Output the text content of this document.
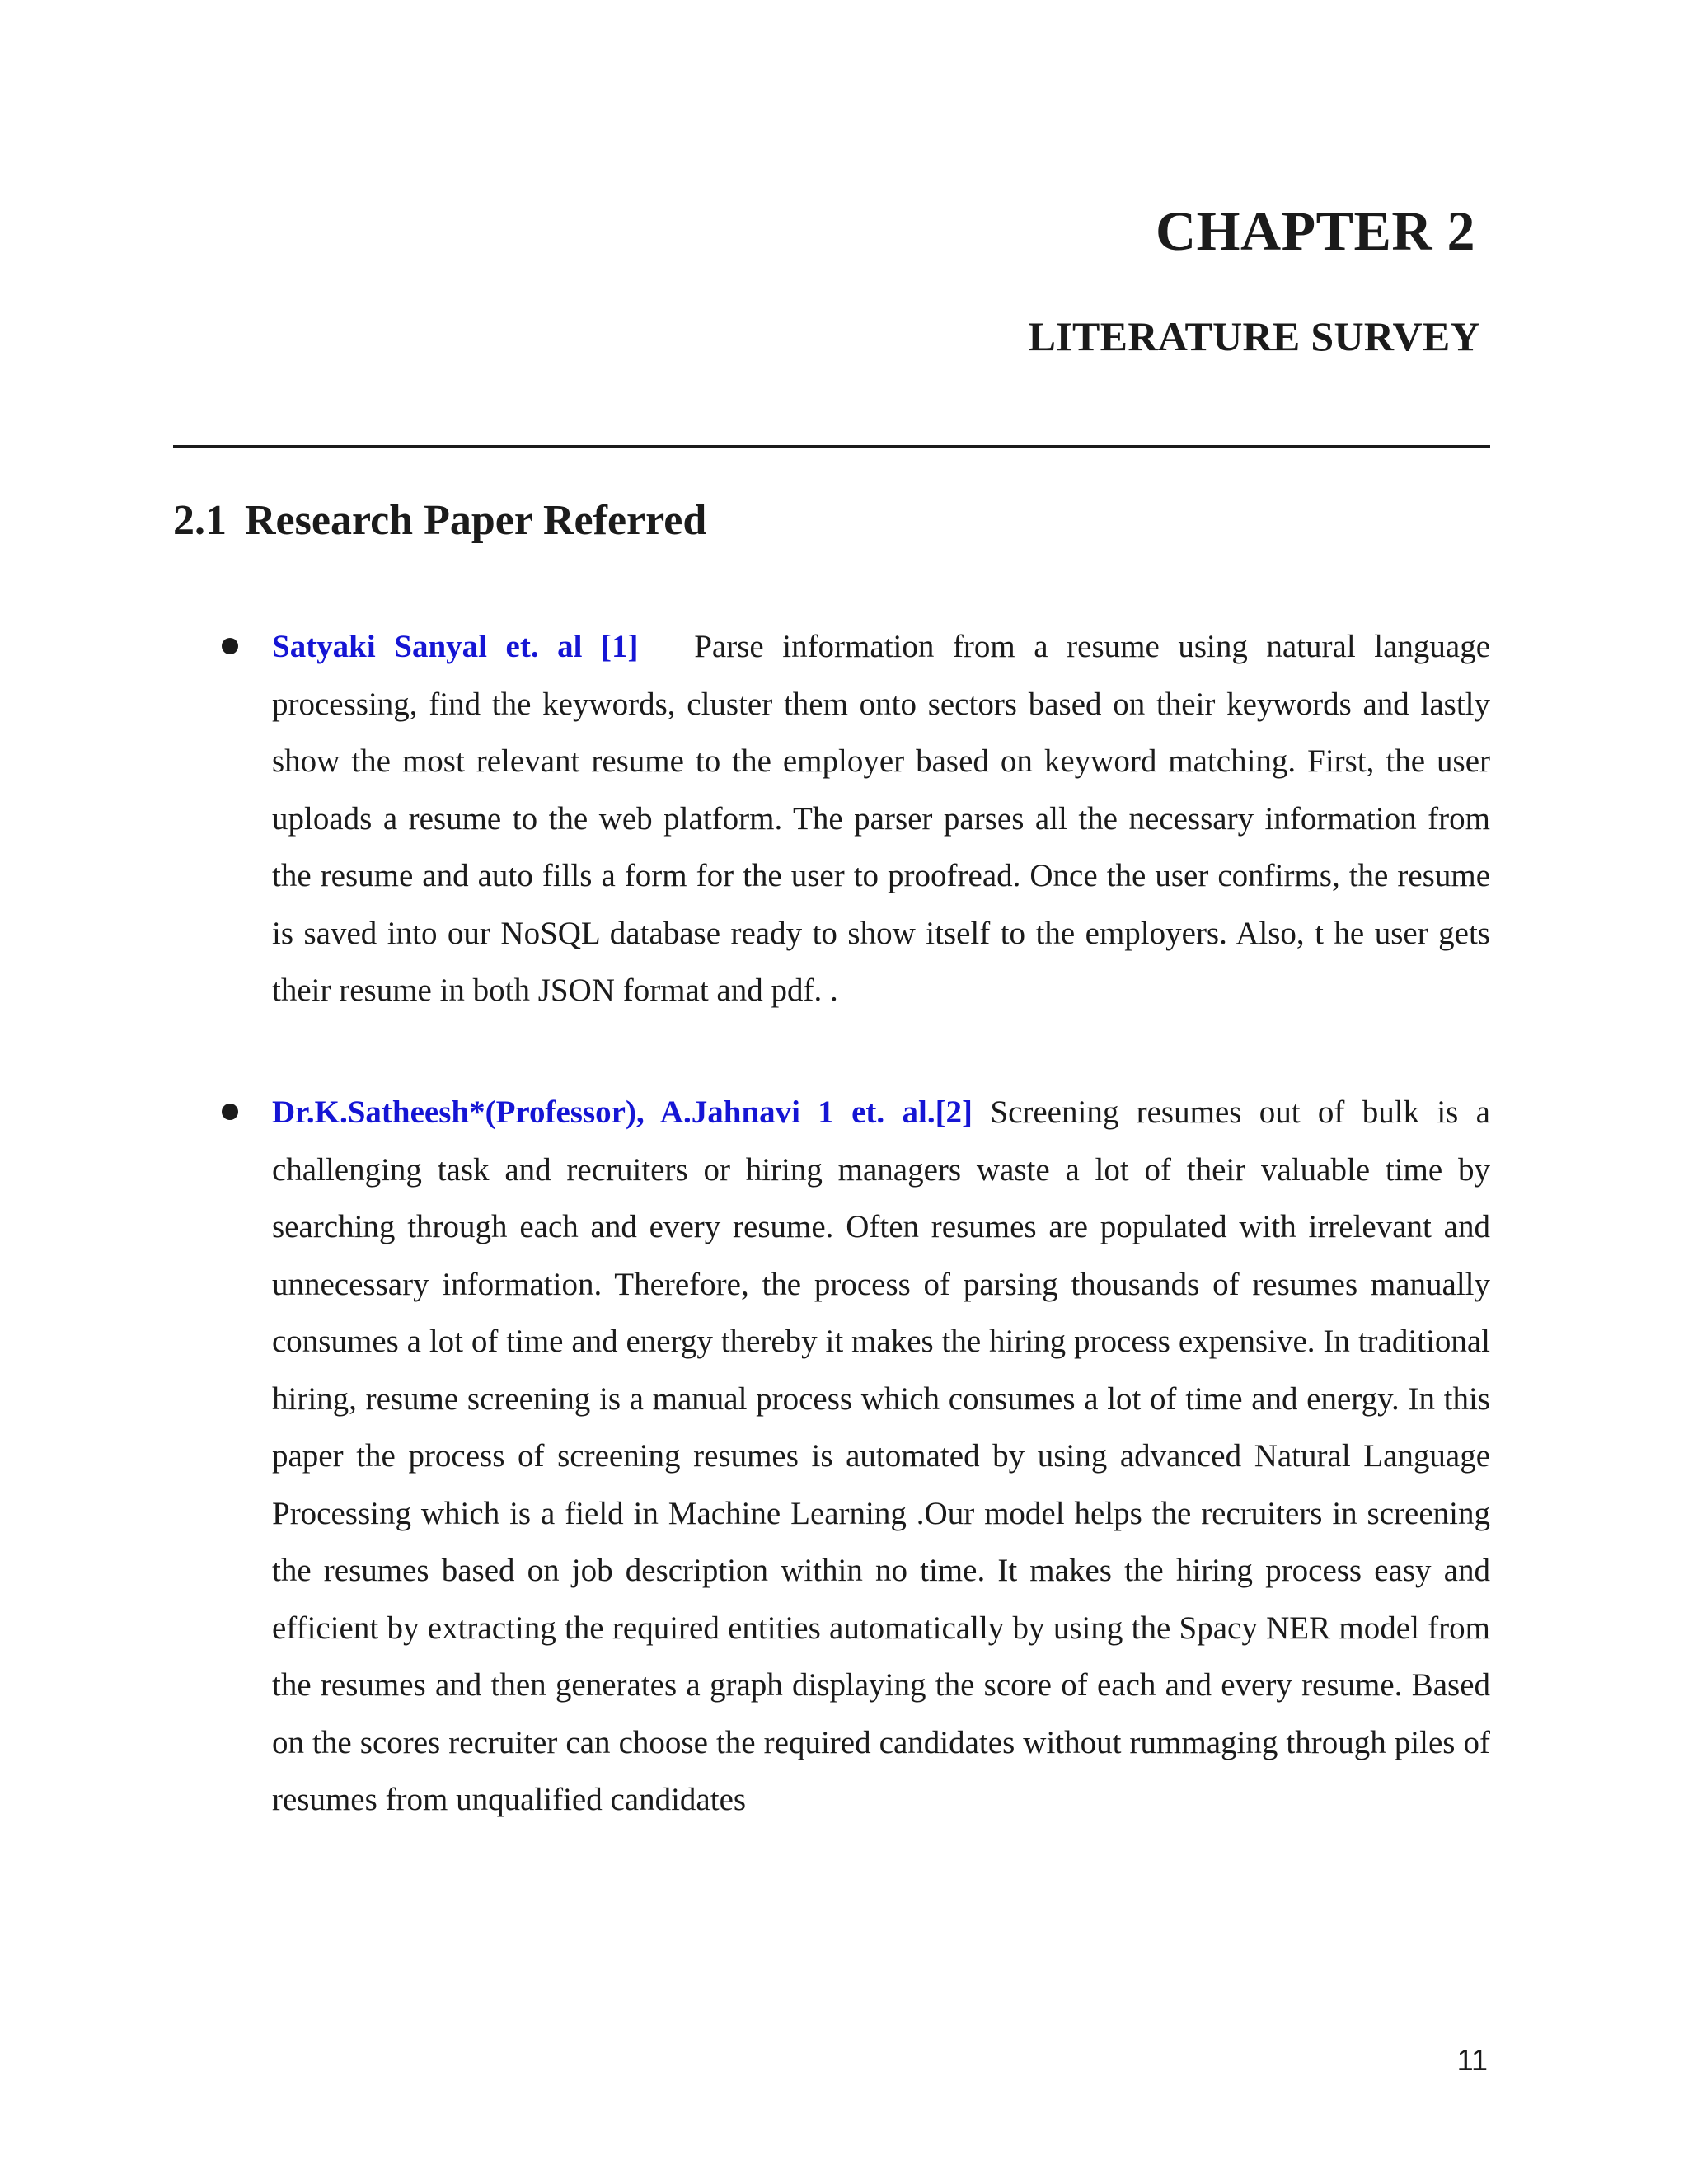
CHAPTER 2
LITERATURE SURVEY
2.1 Research Paper Referred
Satyaki Sanyal et. al [1] Parse information from a resume using natural language processing, find the keywords, cluster them onto sectors based on their keywords and lastly show the most relevant resume to the employer based on keyword matching. First, the user uploads a resume to the web platform. The parser parses all the necessary information from the resume and auto fills a form for the user to proofread. Once the user confirms, the resume is saved into our NoSQL database ready to show itself to the employers. Also, t he user gets their resume in both JSON format and pdf. .
Dr.K.Satheesh*(Professor), A.Jahnavi 1 et. al.[2] Screening resumes out of bulk is a challenging task and recruiters or hiring managers waste a lot of their valuable time by searching through each and every resume. Often resumes are populated with irrelevant and unnecessary information. Therefore, the process of parsing thousands of resumes manually consumes a lot of time and energy thereby it makes the hiring process expensive. In traditional hiring, resume screening is a manual process which consumes a lot of time and energy. In this paper the process of screening resumes is automated by using advanced Natural Language Processing which is a field in Machine Learning .Our model helps the recruiters in screening the resumes based on job description within no time. It makes the hiring process easy and efficient by extracting the required entities automatically by using the Spacy NER model from the resumes and then generates a graph displaying the score of each and every resume. Based on the scores recruiter can choose the required candidates without rummaging through piles of resumes from unqualified candidates

11
